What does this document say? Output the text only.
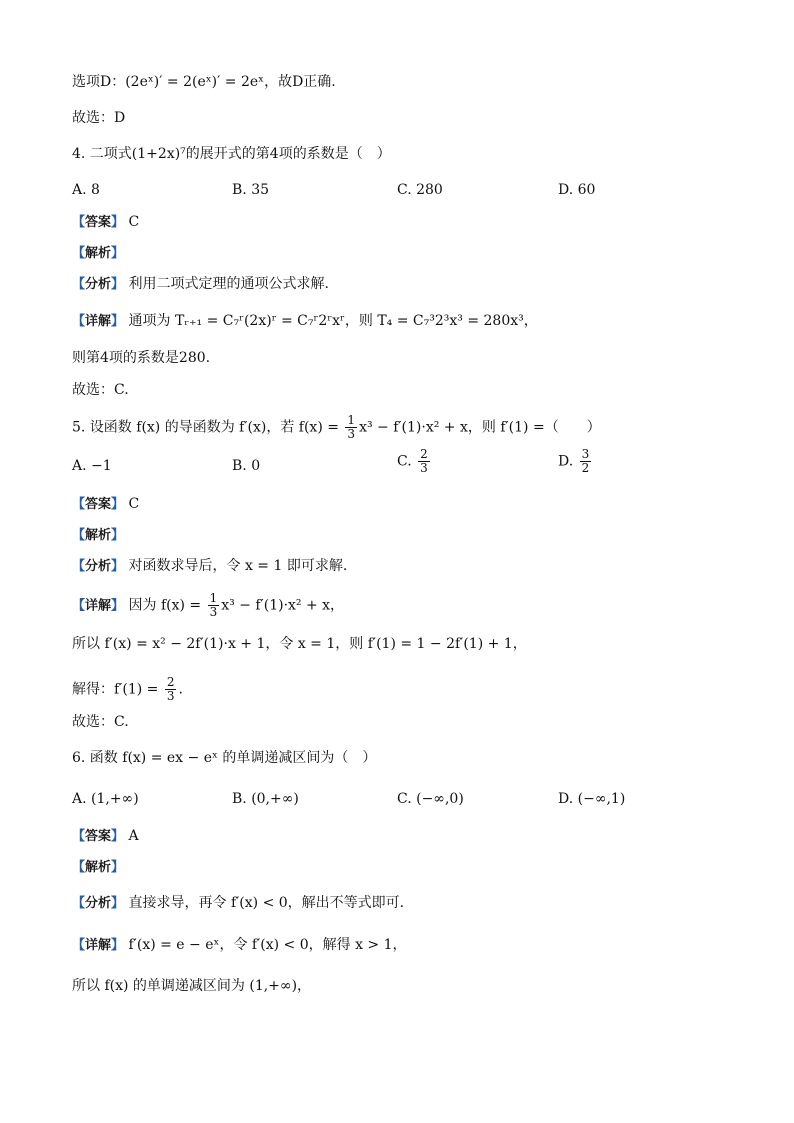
选项D：(2eˣ)′ = 2(eˣ)′ = 2eˣ，故D正确.
故选：D
4. 二项式(1+2x)⁷的展开式的第4项的系数是（　）
A. 8	B. 35	C. 280	D. 60
【答案】 C
【解析】
【分析】 利用二项式定理的通项公式求解.
【详解】 通项为 Tᵣ₊₁ = C₇ʳ(2x)ʳ = C₇ʳ2ʳxʳ，则 T₄ = C₇³2³x³ = 280x³，
则第4项的系数是280.
故选：C.
5. 设函数 f(x) 的导函数为 f′(x)，若 $f(x) = \frac{1}{3} x^3 - f'(1)\cdot x^2 + x$，则 f′(1) =（　　）
A. −1	B. 0	C. $\frac{2}{3}$	D. $\frac{3}{2}$
【答案】 C
【解析】
【分析】 对函数求导后，令 x = 1 即可求解.
【详解】 因为 $f(x) = \frac{1}{3} x^3 - f'(1)\cdot x^2 + x$，
所以 f′(x) = x² − 2f′(1)·x + 1，令 x = 1，则 f′(1) = 1 − 2f′(1) + 1，
解得：$f'(1) = \frac{2}{3}$ .
故选：C.
6. 函数 f(x) = ex − eˣ 的单调递减区间为（　）
A. (1,+∞)	B. (0,+∞)	C. (−∞,0)	D. (−∞,1)
【答案】 A
【解析】
【分析】 直接求导，再令 f′(x) < 0，解出不等式即可.
【详解】 f′(x) = e − eˣ，令 f′(x) < 0，解得 x > 1，
所以 f(x) 的单调递减区间为 (1,+∞)，
